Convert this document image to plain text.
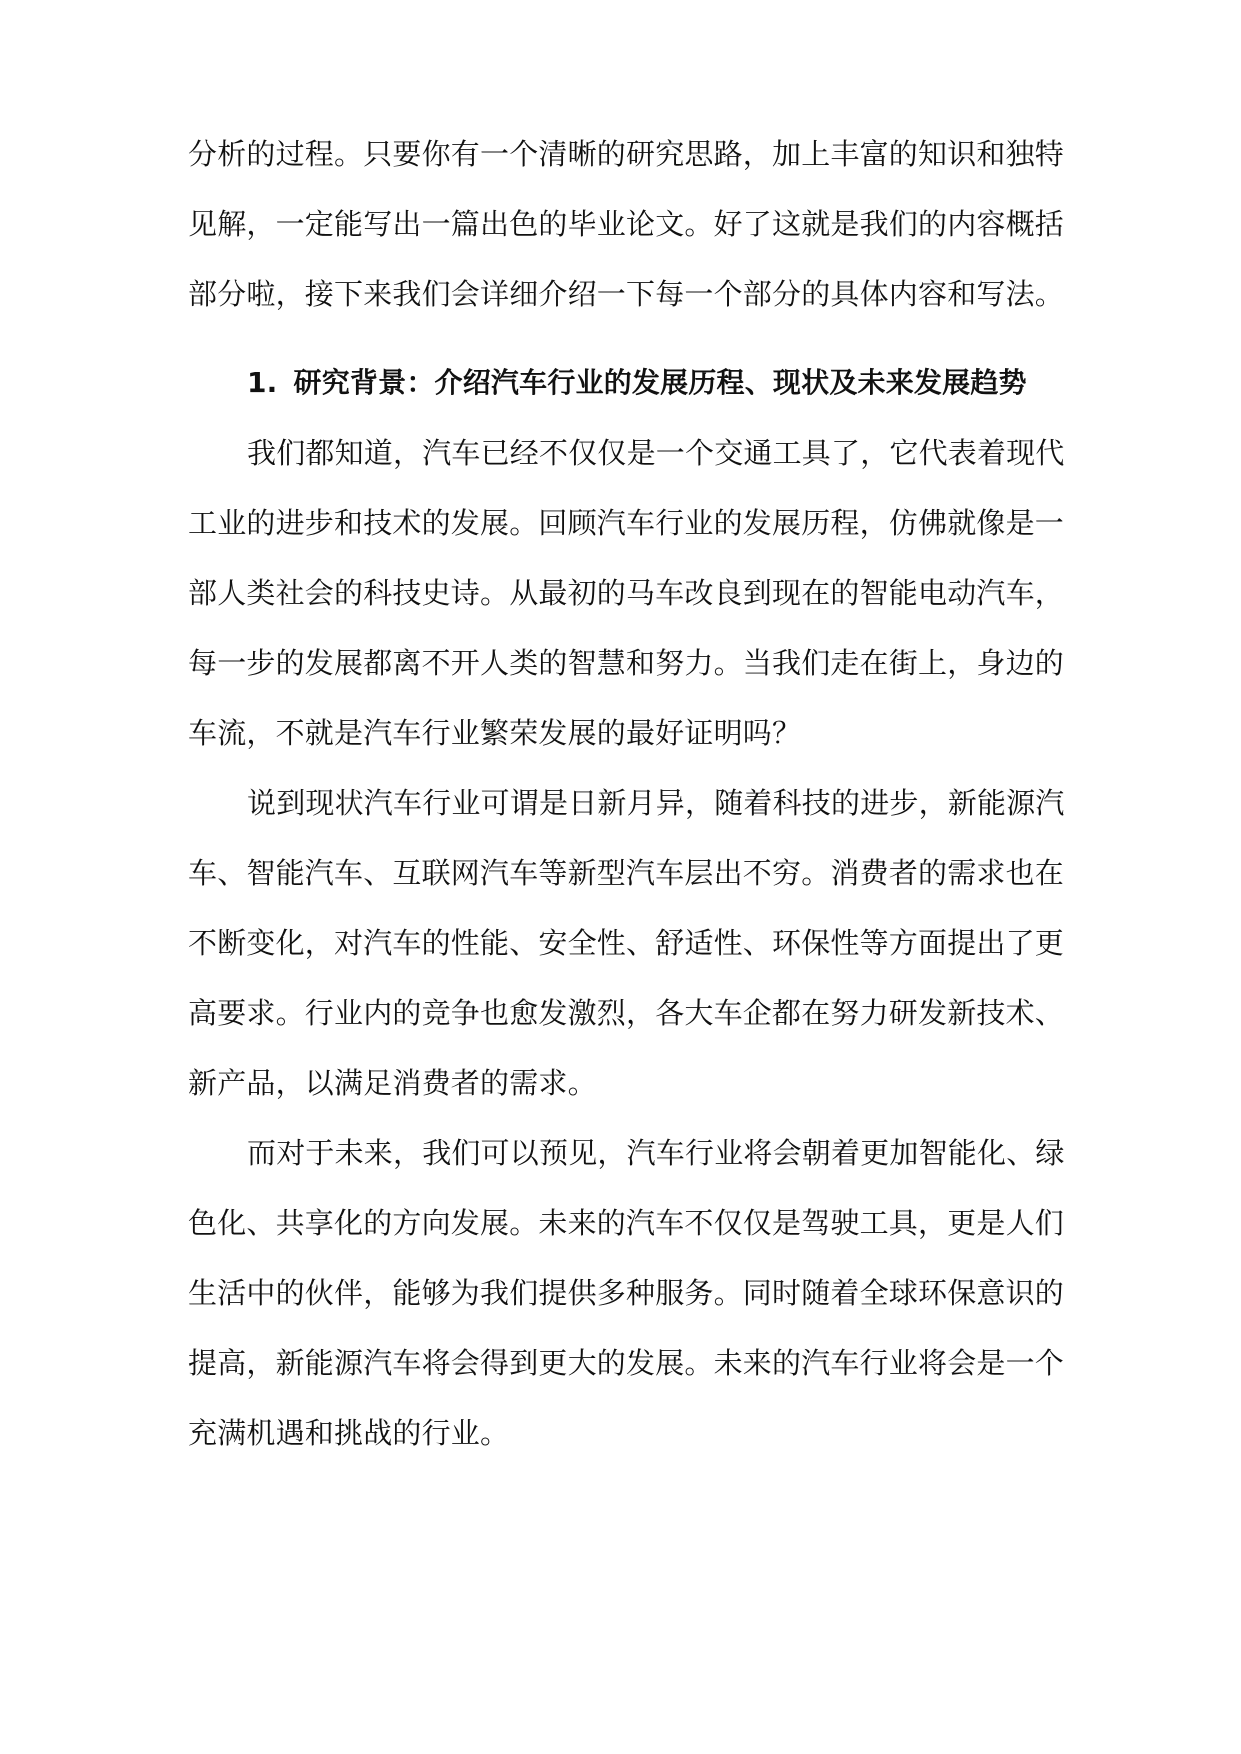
分析的过程。只要你有一个清晰的研究思路，加上丰富的知识和独特
见解，一定能写出一篇出色的毕业论文。好了这就是我们的内容概括
部分啦，接下来我们会详细介绍一下每一个部分的具体内容和写法。
1. 研究背景：介绍汽车行业的发展历程、现状及未来发展趋势
我们都知道，汽车已经不仅仅是一个交通工具了，它代表着现代
工业的进步和技术的发展。回顾汽车行业的发展历程，仿佛就像是一
部人类社会的科技史诗。从最初的马车改良到现在的智能电动汽车，
每一步的发展都离不开人类的智慧和努力。当我们走在街上，身边的
车流，不就是汽车行业繁荣发展的最好证明吗？
说到现状汽车行业可谓是日新月异，随着科技的进步，新能源汽
车、智能汽车、互联网汽车等新型汽车层出不穷。消费者的需求也在
不断变化，对汽车的性能、安全性、舒适性、环保性等方面提出了更
高要求。行业内的竞争也愈发激烈，各大车企都在努力研发新技术、
新产品，以满足消费者的需求。
而对于未来，我们可以预见，汽车行业将会朝着更加智能化、绿
色化、共享化的方向发展。未来的汽车不仅仅是驾驶工具，更是人们
生活中的伙伴，能够为我们提供多种服务。同时随着全球环保意识的
提高，新能源汽车将会得到更大的发展。未来的汽车行业将会是一个
充满机遇和挑战的行业。
